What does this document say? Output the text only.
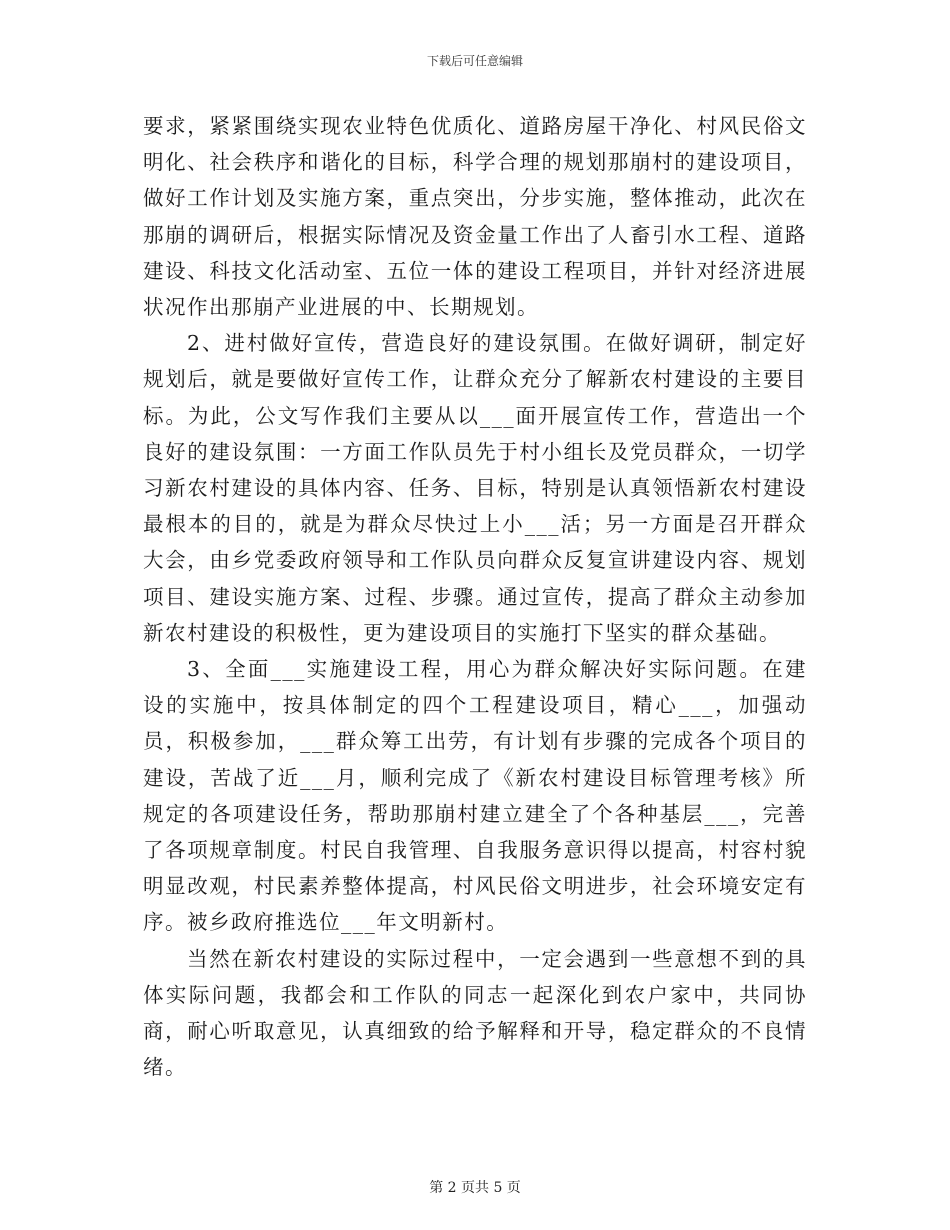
下载后可任意编辑

要求，紧紧围绕实现农业特色优质化、道路房屋干净化、村风民俗文明化、社会秩序和谐化的目标，科学合理的规划那崩村的建设项目，做好工作计划及实施方案，重点突出，分步实施，整体推动，此次在那崩的调研后，根据实际情况及资金量工作出了人畜引水工程、道路建设、科技文化活动室、五位一体的建设工程项目，并针对经济进展状况作出那崩产业进展的中、长期规划。

2、进村做好宣传，营造良好的建设氛围。在做好调研，制定好规划后，就是要做好宣传工作，让群众充分了解新农村建设的主要目标。为此，公文写作我们主要从以___面开展宣传工作，营造出一个良好的建设氛围：一方面工作队员先于村小组长及党员群众，一切学习新农村建设的具体内容、任务、目标，特别是认真领悟新农村建设最根本的目的，就是为群众尽快过上小___活；另一方面是召开群众大会，由乡党委政府领导和工作队员向群众反复宣讲建设内容、规划项目、建设实施方案、过程、步骤。通过宣传，提高了群众主动参加新农村建设的积极性，更为建设项目的实施打下坚实的群众基础。

3、全面___实施建设工程，用心为群众解决好实际问题。在建设的实施中，按具体制定的四个工程建设项目，精心___，加强动员，积极参加，___群众筹工出劳，有计划有步骤的完成各个项目的建设，苦战了近___月，顺利完成了《新农村建设目标管理考核》所规定的各项建设任务，帮助那崩村建立建全了个各种基层___，完善了各项规章制度。村民自我管理、自我服务意识得以提高，村容村貌明显改观，村民素养整体提高，村风民俗文明进步，社会环境安定有序。被乡政府推选位___年文明新村。

当然在新农村建设的实际过程中，一定会遇到一些意想不到的具体实际问题，我都会和工作队的同志一起深化到农户家中，共同协商，耐心听取意见，认真细致的给予解释和开导，稳定群众的不良情绪。

第 2 页共 5 页
